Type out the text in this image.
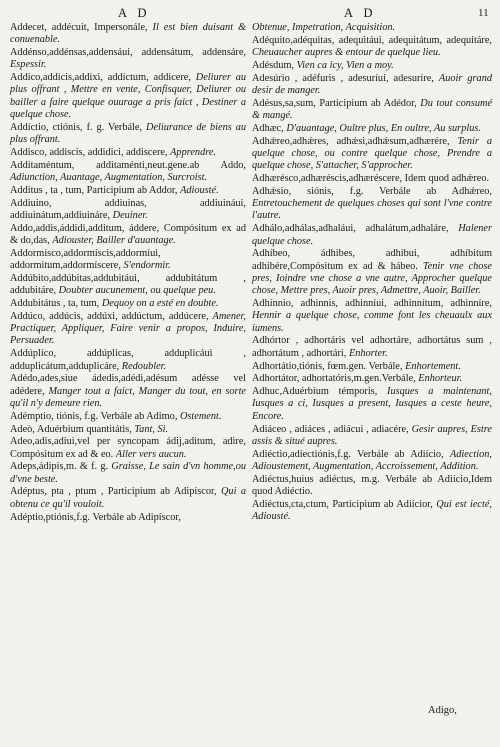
A D	A D	11
Addecet, addécuit, Impersonále, Il est bien duisant & conuenable.
Addénso,addénsas,addensáui, addensátum, addensáre, Espessir.
Addico,addicis,addixi, addíctum, addicere, Deliurer au plus offrant , Mettre en vente, Confisquer, Deliurer ou bailler a faire quelque ouurage a pris faict , Destiner a quelque chose.
Addíctio, ctiónis, f. g. Verbále, Deliurance de biens au plus offrant.
Addisco, addiscis, addidici, addiscere, Apprendre.
Additaméntum, additaménti,neut.gene.ab Addo, Adiunction, Auantage, Augmentation, Surcroist.
Additus , ta , tum, Participium ab Addor, Adiousté.
Addiuino, addiuinas, addiuináui, addiuinátum,addiuináre, Deuiner.
Addo,addis,áddidi,additum, áddere, Compósitum ex ad & do,das, Adiouster, Bailler d'auantage.
Addormísco,addormíscis,addormíui, addormitum,addormíscere, S'endormir.
Addúbito,addúbitas,addubitáui, addubitátum , addubitáre, Doubter aucunement, ou quelque peu.
Addubitátus , ta, tum, Dequoy on a esté en doubte.
Addúco, addúcis, addúxi, addúctum, addúcere, Amener, Practiquer, Appliquer, Faire venir a propos, Induire, Persuader.
Addúplico, addúplicas, adduplicáui , adduplicátum,adduplicáre, Redoubler.
Adédo,ades,siue ádedis,adédi,adésum adésse vel adédere, Manger tout a faict, Manger du tout, en sorte qu'il n'y demeure rien.
Adémptio, tiónis, f.g. Verbále ab Adimo, Ostement.
Adeò, Aduérbium quantitátis, Tant, Si.
Adeo,adis,adiui,vel per syncopam ádij,aditum, adire, Compósitum ex ad & eo. Aller vers aucun.
Adeps,ádipis,m. & f. g. Graisse, Le sain d'vn homme,ou d'vne beste.
Adéptus, pta , ptum , Participium ab Adipíscor, Qui a obtenu ce qu'il vouloit.
Adéptio,ptiónis,f.g. Verbále ab Adipíscor,
Obtenue, Impetration, Acquisition.
Adéquito,adéquitas, adequitáui, adequitátum, adequitáre, Cheuaucher aupres & entour de quelque lieu.
Adésdum, Vien ca icy, Vien a moy.
Adesúrio , adéfuris , adesuríui, adesuríre, Auoir grand desir de manger.
Adésus,sa,sum, Participium ab Adédor, Du tout consumé & mangé.
Adhæc, D'auantage, Oultre plus, En oultre, Au surplus.
Adhǽreo,adhǽres, adhǽsi,adhǽsum,adhærére, Tenir a quelque chose, ou contre quelque chose, Prendre a quelque chose, S'attacher, S'approcher.
Adhærésco,adhæréscis,adhæréscere, Idem quod adhǽreo.
Adhǽsio, siónis, f.g. Verbále ab Adhǽreo, Entretouchement de quelques choses qui sont l'vne contre l'autre.
Adhálo,adhálas,adhaláui, adhalátum,adhaláre, Halener quelque chose.
Adhíbeo, ádhibes, adhibui, adhíbitum adhibére,Compósitum ex ad & hábeo. Tenir vne chose pres, Ioindre vne chose a vne autre, Approcher quelque chose, Mettre pres, Auoir pres, Admettre, Auoir, Bailler.
Adhínnio, adhinnis, adhinníui, adhinnítum, adhinníre, Hennir a quelque chose, comme font les cheuaulx aux iumens.
Adhórtor , adhortáris vel adhortáre, adhortátus sum , adhortátum , adhortári, Enhorter.
Adhortátio,tiónis, fœm.gen. Verbále, Enhortement.
Adhortátor, adhortatóris,m.gen.Verbále, Enhorteur.
Adhuc,Aduérbium témporis, Iusques a maintenant, Iusques a ci, Iusques a present, Iusques a ceste heure, Encore.
Adiáceo , adiáces , adiácui , adiacére, Gesir aupres, Estre assis & situé aupres.
Adiéctio,adiectiónis,f.g. Verbále ab Adiício, Adiection, Adioustement, Augmentation, Accroissement, Addition.
Adiéctus,huius adiéctus, m.g. Verbále ab Adiício,Idem quod Adiéctio.
Adiéctus,cta,ctum, Participium ab Adiícior, Qui est iecté, Adiousté.
Adigo,
